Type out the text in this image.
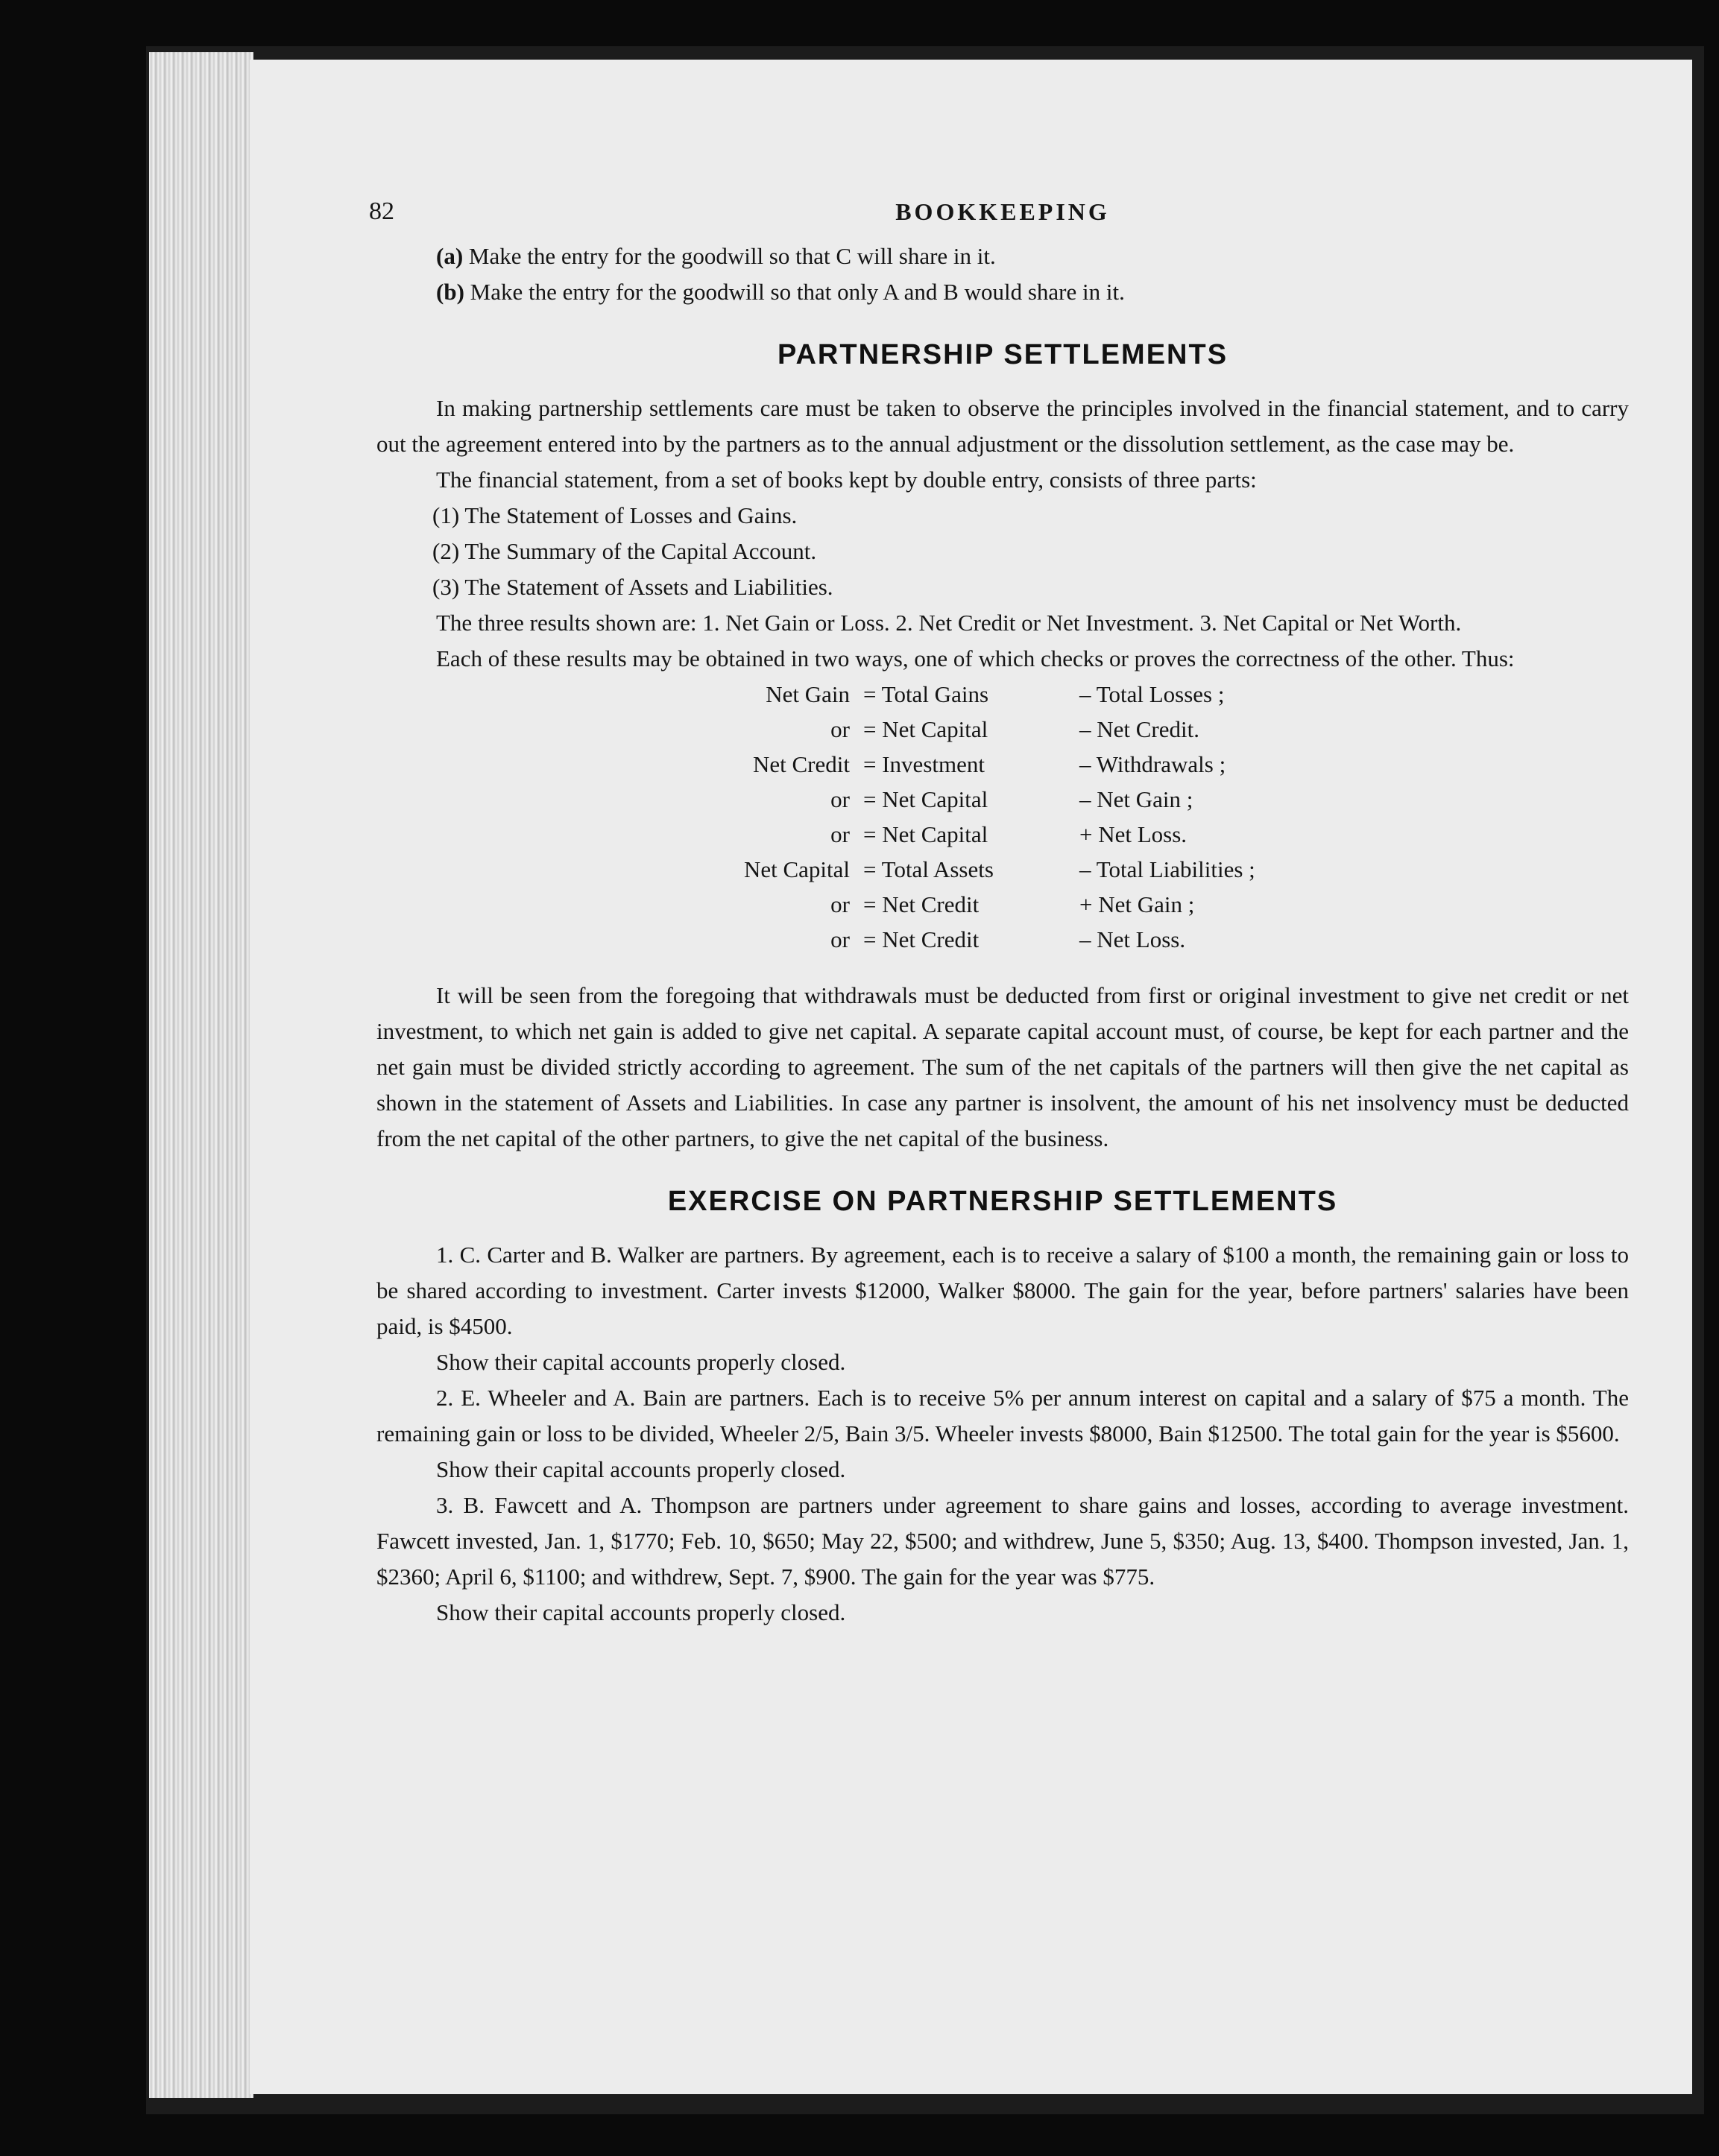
82	BOOKKEEPING
(a) Make the entry for the goodwill so that C will share in it.
(b) Make the entry for the goodwill so that only A and B would share in it.
PARTNERSHIP SETTLEMENTS

In making partnership settlements care must be taken to observe the principles involved in the financial statement, and to carry out the agreement entered into by the partners as to the annual adjustment or the dissolution settlement, as the case may be.

The financial statement, from a set of books kept by double entry, consists of three parts:

(1) The Statement of Losses and Gains.
(2) The Summary of the Capital Account.
(3) The Statement of Assets and Liabilities.

The three results shown are: 1. Net Gain or Loss. 2. Net Credit or Net Investment. 3. Net Capital or Net Worth.

Each of these results may be obtained in two ways, one of which checks or proves the correctness of the other. Thus:

Net Gain = Total Gains	– Total Losses ;
or = Net Capital	– Net Credit.
Net Credit = Investment	– Withdrawals ;
or = Net Capital	– Net Gain ;
or = Net Capital	+ Net Loss.
Net Capital = Total Assets	– Total Liabilities ;
or = Net Credit	+ Net Gain ;
or = Net Credit	– Net Loss.

It will be seen from the foregoing that withdrawals must be deducted from first or original investment to give net credit or net investment, to which net gain is added to give net capital. A separate capital account must, of course, be kept for each partner and the net gain must be divided strictly according to agreement. The sum of the net capitals of the partners will then give the net capital as shown in the statement of Assets and Liabilities. In case any partner is insolvent, the amount of his net insolvency must be deducted from the net capital of the other partners, to give the net capital of the business.

EXERCISE ON PARTNERSHIP SETTLEMENTS

1. C. Carter and B. Walker are partners. By agreement, each is to receive a salary of $100 a month, the remaining gain or loss to be shared according to investment. Carter invests $12000, Walker $8000. The gain for the year, before partners' salaries have been paid, is $4500.

Show their capital accounts properly closed.

2. E. Wheeler and A. Bain are partners. Each is to receive 5% per annum interest on capital and a salary of $75 a month. The remaining gain or loss to be divided, Wheeler 2/5, Bain 3/5. Wheeler invests $8000, Bain $12500. The total gain for the year is $5600.

Show their capital accounts properly closed.

3. B. Fawcett and A. Thompson are partners under agreement to share gains and losses, according to average investment. Fawcett invested, Jan. 1, $1770; Feb. 10, $650; May 22, $500; and withdrew, June 5, $350; Aug. 13, $400. Thompson invested, Jan. 1, $2360; April 6, $1100; and withdrew, Sept. 7, $900. The gain for the year was $775.

Show their capital accounts properly closed.
